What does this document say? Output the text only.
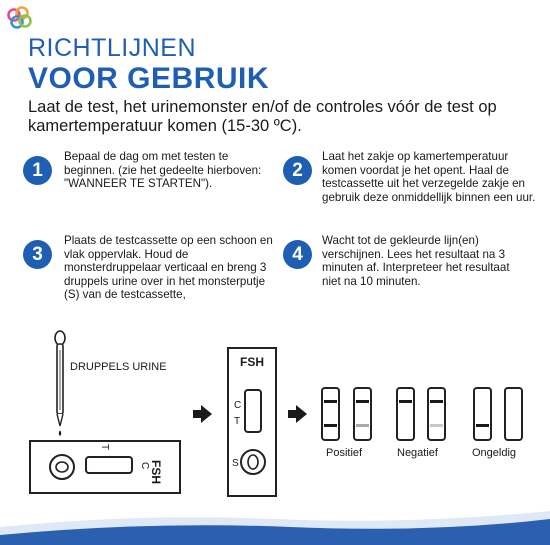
RICHTLIJNEN
VOOR GEBRUIK
Laat de test, het urinemonster en/of de controles vóór de test op kamertemperatuur komen (15-30 ºC).
1
Bepaal de dag om met testen te beginnen. (zie het gedeelte hierboven: "WANNEER TE STARTEN").
2
Laat het zakje op kamertemperatuur komen voordat je het opent. Haal de testcassette uit het verzegelde zakje en gebruik deze onmiddellijk binnen een uur.
3
Plaats de testcassette op een schoon en vlak oppervlak. Houd de monsterdruppelaar verticaal en breng 3 druppels urine over in het monsterputje (S) van de testcassette,
4
Wacht tot de gekleurde lijn(en) verschijnen. Lees het resultaat na 3 minuten af. Interpreteer het resultaat niet na 10 minuten.
DRUPPELS URINE
C
T
FSH
FSH
C
T
S
Positief	Negatief	Ongeldig
